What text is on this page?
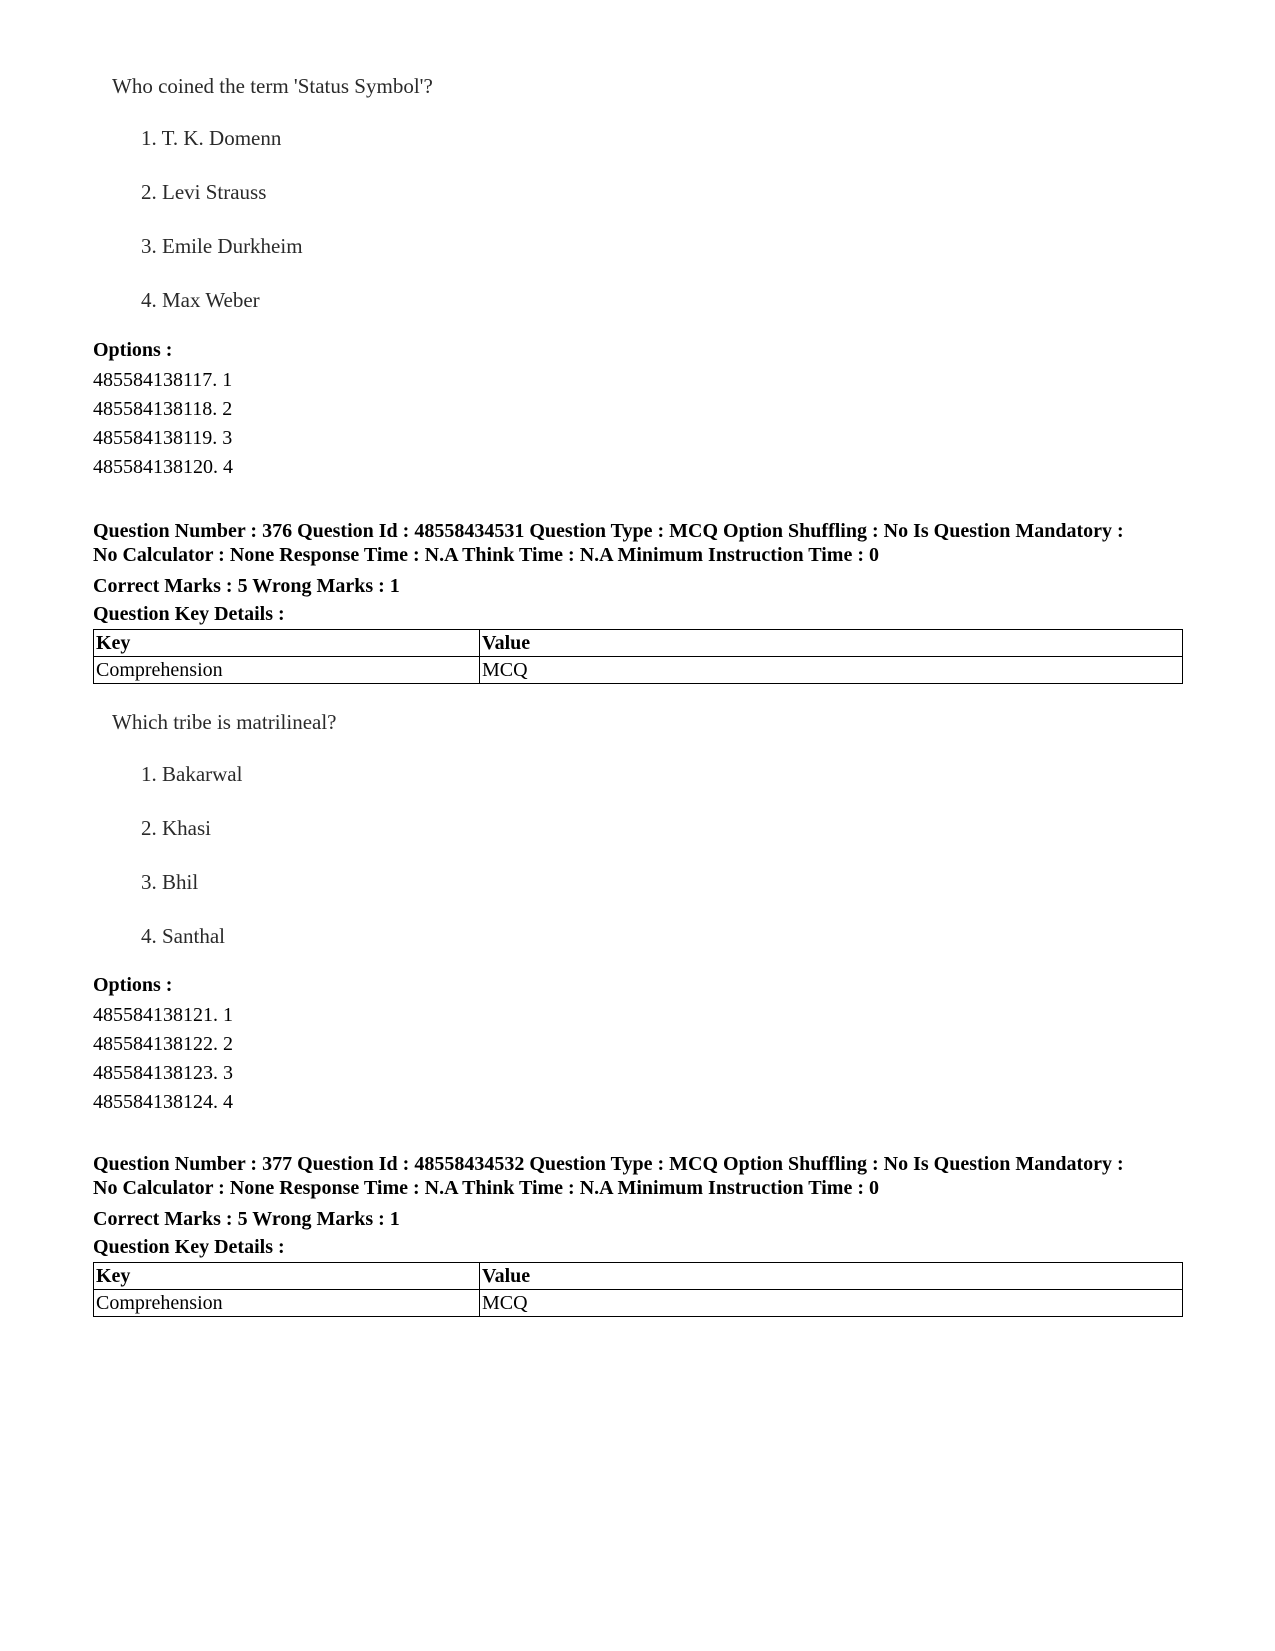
Who coined the term 'Status Symbol'?

1. T. K. Domenn
2. Levi Strauss
3. Emile Durkheim
4. Max Weber
Options :
485584138117. 1
485584138118. 2
485584138119. 3
485584138120. 4
Question Number : 376 Question Id : 48558434531 Question Type : MCQ Option Shuffling : No Is Question Mandatory :
No Calculator : None Response Time : N.A Think Time : N.A Minimum Instruction Time : 0
Correct Marks : 5 Wrong Marks : 1
Question Key Details :
Key	Value
Comprehension	MCQ

Which tribe is matrilineal?

1. Bakarwal
2. Khasi
3. Bhil
4. Santhal
Options :
485584138121. 1
485584138122. 2
485584138123. 3
485584138124. 4
Question Number : 377 Question Id : 48558434532 Question Type : MCQ Option Shuffling : No Is Question Mandatory :
No Calculator : None Response Time : N.A Think Time : N.A Minimum Instruction Time : 0
Correct Marks : 5 Wrong Marks : 1
Question Key Details :
Key	Value
Comprehension	MCQ
